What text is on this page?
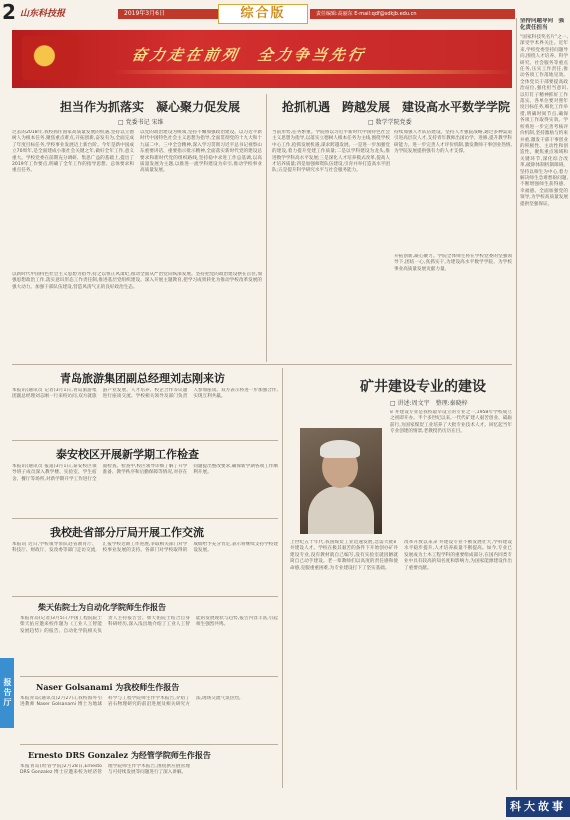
2 山东科技报	2019年3月6日	综合版	责任编辑:高丽东 E-mail:qdf@sdkjb.edu.cn
奋力走在前列　全力争当先行
担当作为抓落实　凝心聚力促发展
□ 党委书记 宋维
过去的2018年,我校抓住国家高质量发展的机遇,坚持以立德树人为根本任务,聚焦重点难点,开拓创新,奋发有为,全面完成了年度目标任务,学校事业发展迈上新台阶。今年是新中国成立70周年,是全面建成小康社会关键之年,做好全年工作,意义重大。学校党委在前期充分调研、集思广益的基础上,提出了2019年工作要点,明确了全年工作的指导思想、总体要求和重点任务。
以党的政治建设为统领,坚持不懈加强政治建设。以习近平新时代中国特色社会主义思想为指导,全面贯彻党的十九大和十九届二中、三中全会精神,深入学习贯彻习近平总书记视察山东重要讲话、重要指示批示精神,全面落实新时代党的建设总要求和新时代党的组织路线,坚持稳中求进工作总基调,以高质量发展为主题,以推进一流学科建设为牵引,推动学校事业高质量发展。
以新时代中国特色社会主义思想为指导,持之以恒正风肃纪,推动全面从严治党向纵深发展。坚持把党的政治建设摆在首位,加强思想政治工作,落实意识形态工作责任制,推进基层党组织建设。深入开展主题教育,把学习成果转化为推动学校改革发展的强大动力。加强干部队伍建设,营造风清气正的良好政治生态。
抢抓机遇　跨越发展　建设高水平数学学院
□ 数学学院党委
当前形势,任务繁重。学院将以习近平新时代中国特色社会主义思想为指导,以落实立德树人根本任务为主线,围绕学校中心工作,抢抓发展机遇,谋求跨越发展。一是进一步加强党的建设,着力提升党建工作质量;二是以学科建设为龙头,推进数学学科高水平发展;三是深化人才培养模式改革,提高人才培养质量;四是加强师资队伍建设,引育并举打造高水平团队;五是提升科学研究水平与社会服务能力。
持续加强人才队伍建设。坚持人才强院战略,通过多种渠道引进高层次人才,支持青年教师出国访学、进修,提升教学科研能力。进一步完善人才评价机制,激发教师干事创业热情,为学院发展提供强有力的人才支撑。
开拓创新,凝心聚力。学院全体师生将在学校党委的坚强领导下,团结一心,真抓实干,为建设高水平数学学院、为学校事业高质量发展贡献力量。
青岛旅游集团副总经理刘志刚来访
本报讯(通讯员 记者)3月1日,青岛旅游集团副总经理刘志刚一行来校访问,双方就旅游产业发展、人才培养、校企合作等议题进行座谈交流。学校相关领导及部门负责人参加座谈。双方表示将进一步加强合作,实现互利共赢。
泰安校区开展新学期工作检查
本报讯(通讯员 报道)3月1日,泰安校区领导班子成员深入教学楼、实验室、学生宿舍、餐厅等场所,对新学期开学工作进行全面检查。检查中,校区领导详细了解了开学准备、教学秩序和后勤保障等情况,对存在问题提出整改要求,确保新学期各项工作顺利开展。
我校赴省部分厅局开展工作交流
本报讯 近日,学校领导带队赴省教育厅、科技厅、财政厅、发改委等部门走访交流,汇报学校近期工作进展,争取相关部门对学校事业发展的支持。各部门对学校取得的成绩给予充分肯定,表示将继续支持学校建设发展。
矿井建设专业的建设
□ 讲述:周文宇　整理:秦晓梓
矿井建设专业是我校最早设立的专业之一,1958年学校成立之初即开办。半个多世纪以来,一代代矿建人艰苦创业、砥砺前行,为国家煤炭工业培养了大批专业技术人才。回忆起当年专业创建的情景,老教授仍历历在目。
上世纪五十年代,我国煤炭工业迅速发展,急需大批矿井建设人才。学校在极其艰苦的条件下开始创办矿井建设专业,没有教材就自己编写,没有实验室就因陋就简自己动手建设。老一辈教师们以高度的责任感和使命感,克服重重困难,为专业建设打下了坚实基础。
改革开放以来,矿井建设专业不断发展壮大,学科建设水平稳步提升,人才培养质量不断提高。如今,专业已发展成为土木工程学科的重要组成部分,在国内同类专业中具有较高的知名度和影响力,为国家能源建设作出了重要贡献。
报告厅
柴天佑院士为自动化学院师生作报告
本报青岛(记者)3月5日,中国工程院院士柴天佑应邀来校作题为《工业人工智能发展趋势》的报告。自动化学院相关负责人主持报告会。柴天佑院士结合自身科研经历,深入浅出地介绍了工业人工智能的发展现状与趋势,报告内容丰富,引起师生强烈共鸣。
Naser Golsanami 为我校师生作报告
本报青岛(通讯员)2月27日,我校海外引进教师 Naser Golsanami 博士为地球科学与工程学院师生作学术报告,介绍了岩石物理研究的前沿进展及相关研究方法,现场交流气氛热烈。
Ernesto DRS Gonzalez 为经管学院师生作报告
本报青岛(经管学院)2月28日,Ernesto DRS Gonzalez 博士应邀来校为经济管理学院师生作学术报告,围绕供应链管理与可持续发展等问题进行了深入讲解。
坚持问题导向　强化责任担当
“国家科技奖名片”之一,深受学术界关注。近年来,学校党委坚持问题导向,围绕人才培养、科学研究、社会服务等重点任务,压实工作责任,推动各项工作落地见效。全体党员干部要提高政治站位,强化担当意识,以钉钉子精神抓好工作落实。各单位要对照年度目标任务,细化工作举措,明确时间节点,确保各项工作取得实效。学校将进一步完善考核评价机制,坚持激励与约束并重,激发干部干事创业的积极性、主动性和创造性。聚焦重点领域和关键环节,深化综合改革,破除体制机制障碍。坚持以师生为中心,着力解决师生急难愁盼问题,不断增强师生获得感、幸福感。全面加强党的领导,为学校高质量发展提供坚强保证。
科大故事
